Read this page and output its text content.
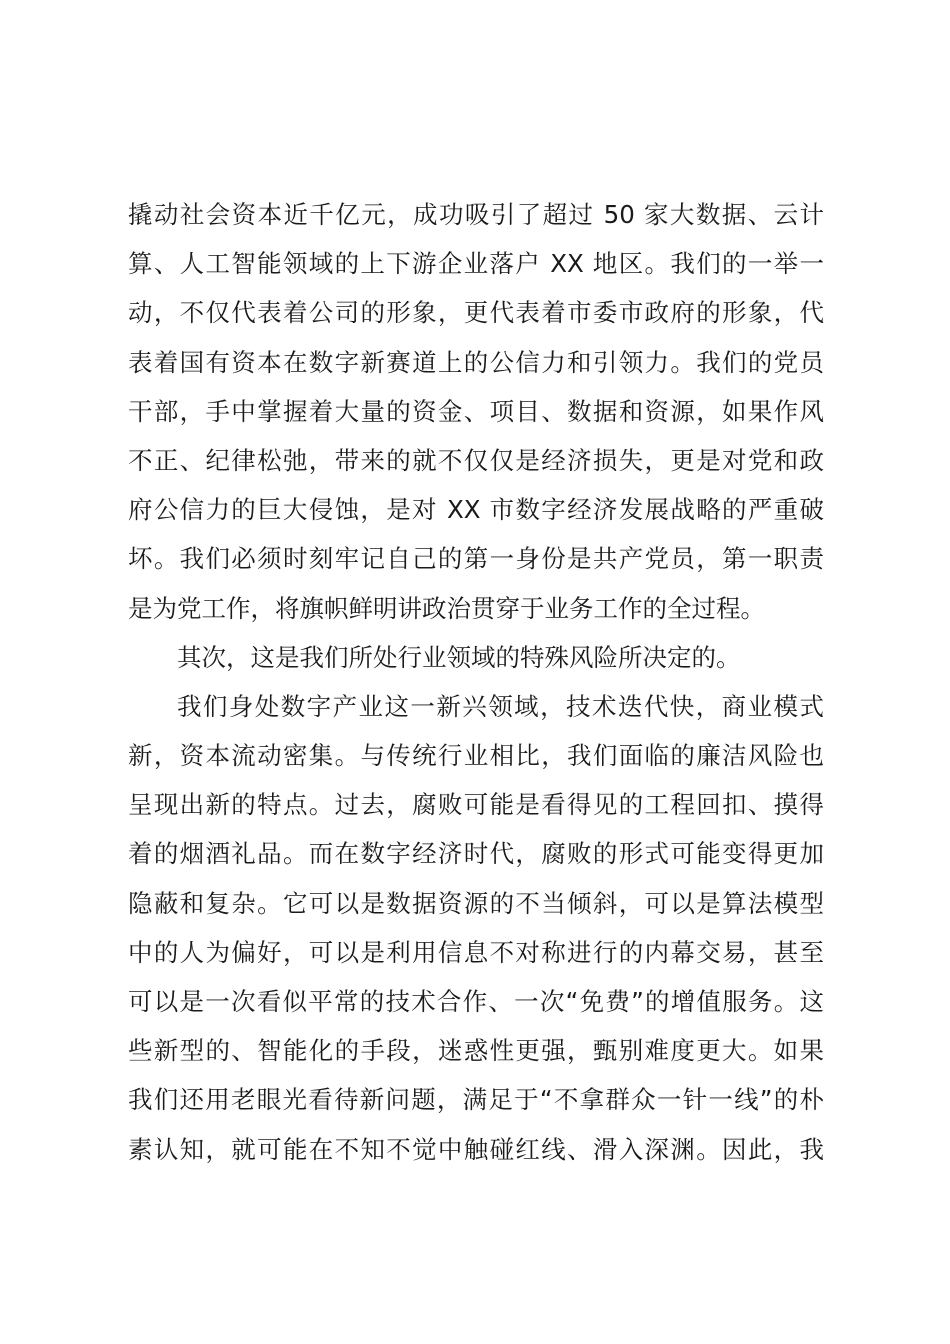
撬动社会资本近千亿元，成功吸引了超过 50 家大数据、云计
算、人工智能领域的上下游企业落户 XX 地区。我们的一举一
动，不仅代表着公司的形象，更代表着市委市政府的形象，代
表着国有资本在数字新赛道上的公信力和引领力。我们的党员
干部，手中掌握着大量的资金、项目、数据和资源，如果作风
不正、纪律松弛，带来的就不仅仅是经济损失，更是对党和政
府公信力的巨大侵蚀，是对 XX 市数字经济发展战略的严重破
坏。我们必须时刻牢记自己的第一身份是共产党员，第一职责
是为党工作，将旗帜鲜明讲政治贯穿于业务工作的全过程。
其次，这是我们所处行业领域的特殊风险所决定的。
我们身处数字产业这一新兴领域，技术迭代快，商业模式
新，资本流动密集。与传统行业相比，我们面临的廉洁风险也
呈现出新的特点。过去，腐败可能是看得见的工程回扣、摸得
着的烟酒礼品。而在数字经济时代，腐败的形式可能变得更加
隐蔽和复杂。它可以是数据资源的不当倾斜，可以是算法模型
中的人为偏好，可以是利用信息不对称进行的内幕交易，甚至
可以是一次看似平常的技术合作、一次“免费”的增值服务。这
些新型的、智能化的手段，迷惑性更强，甄别难度更大。如果
我们还用老眼光看待新问题，满足于“不拿群众一针一线”的朴
素认知，就可能在不知不觉中触碰红线、滑入深渊。因此，我
